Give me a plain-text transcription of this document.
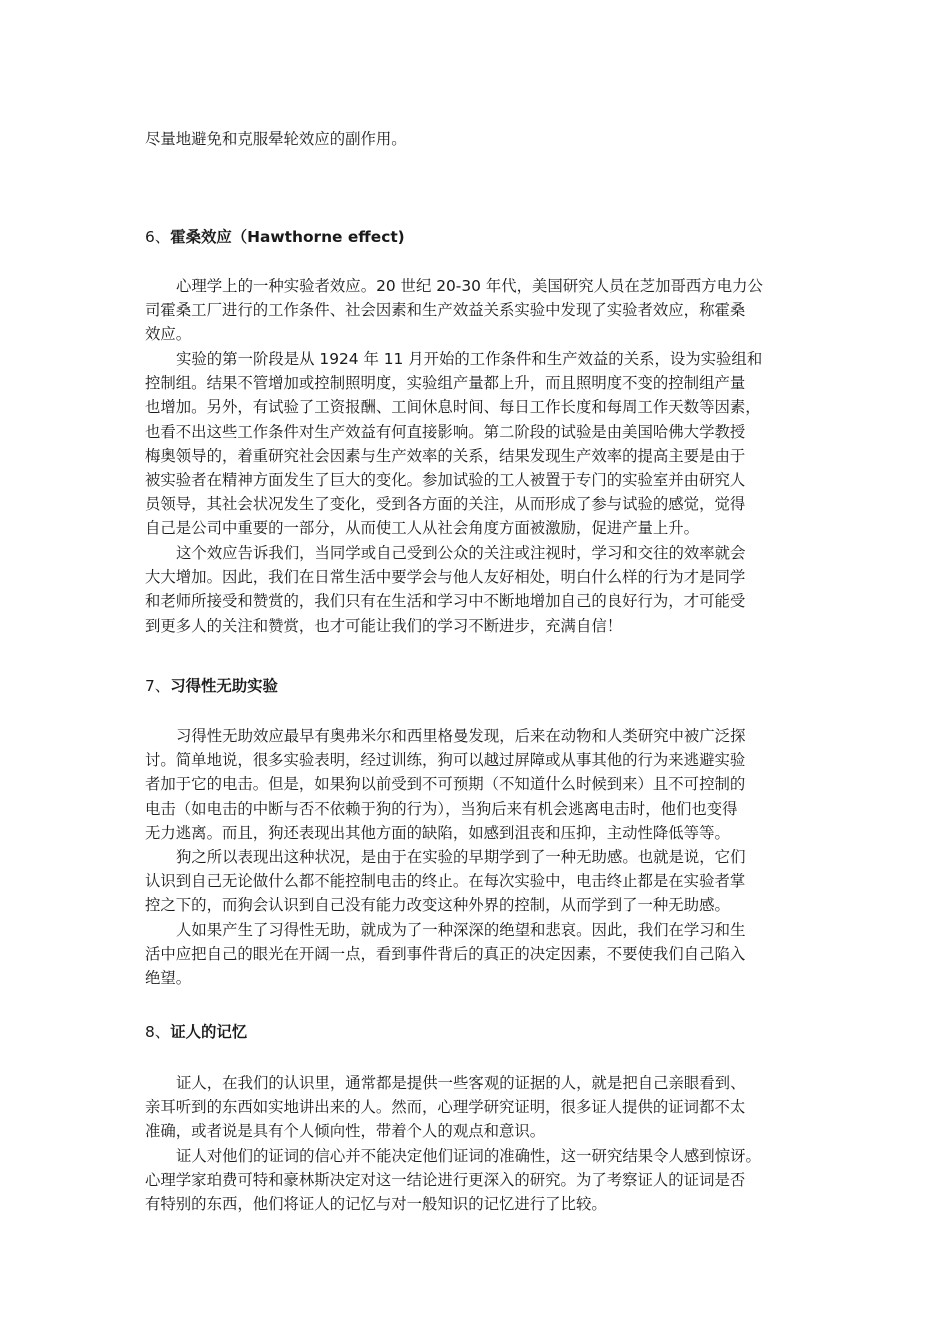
尽量地避免和克服晕轮效应的副作用。

6、霍桑效应（Hawthorne effect)

心理学上的一种实验者效应。20 世纪 20-30 年代，美国研究人员在芝加哥西方电力公

司霍桑工厂进行的工作条件、社会因素和生产效益关系实验中发现了实验者效应，称霍桑

效应。

实验的第一阶段是从 1924 年 11 月开始的工作条件和生产效益的关系，设为实验组和

控制组。结果不管增加或控制照明度，实验组产量都上升，而且照明度不变的控制组产量

也增加。另外，有试验了工资报酬、工间休息时间、每日工作长度和每周工作天数等因素，

也看不出这些工作条件对生产效益有何直接影响。第二阶段的试验是由美国哈佛大学教授

梅奥领导的，着重研究社会因素与生产效率的关系，结果发现生产效率的提高主要是由于

被实验者在精神方面发生了巨大的变化。参加试验的工人被置于专门的实验室并由研究人

员领导，其社会状况发生了变化，受到各方面的关注，从而形成了参与试验的感觉，觉得

自己是公司中重要的一部分，从而使工人从社会角度方面被激励，促进产量上升。

这个效应告诉我们，当同学或自己受到公众的关注或注视时，学习和交往的效率就会

大大增加。因此，我们在日常生活中要学会与他人友好相处，明白什么样的行为才是同学

和老师所接受和赞赏的，我们只有在生活和学习中不断地增加自己的良好行为，才可能受

到更多人的关注和赞赏，也才可能让我们的学习不断进步，充满自信！

7、习得性无助实验

习得性无助效应最早有奥弗米尔和西里格曼发现，后来在动物和人类研究中被广泛探

讨。简单地说，很多实验表明，经过训练，狗可以越过屏障或从事其他的行为来逃避实验

者加于它的电击。但是，如果狗以前受到不可预期（不知道什么时候到来）且不可控制的

电击（如电击的中断与否不依赖于狗的行为），当狗后来有机会逃离电击时，他们也变得

无力逃离。而且，狗还表现出其他方面的缺陷，如感到沮丧和压抑，主动性降低等等。

狗之所以表现出这种状况，是由于在实验的早期学到了一种无助感。也就是说，它们

认识到自己无论做什么都不能控制电击的终止。在每次实验中，电击终止都是在实验者掌

控之下的，而狗会认识到自己没有能力改变这种外界的控制，从而学到了一种无助感。

人如果产生了习得性无助，就成为了一种深深的绝望和悲哀。因此，我们在学习和生

活中应把自己的眼光在开阔一点，看到事件背后的真正的决定因素，不要使我们自己陷入

绝望。

8、证人的记忆

证人，在我们的认识里，通常都是提供一些客观的证据的人，就是把自己亲眼看到、

亲耳听到的东西如实地讲出来的人。然而，心理学研究证明，很多证人提供的证词都不太

准确，或者说是具有个人倾向性，带着个人的观点和意识。

证人对他们的证词的信心并不能决定他们证词的准确性，这一研究结果令人感到惊讶。

心理学家珀费可特和豪林斯决定对这一结论进行更深入的研究。为了考察证人的证词是否

有特别的东西，他们将证人的记忆与对一般知识的记忆进行了比较。
